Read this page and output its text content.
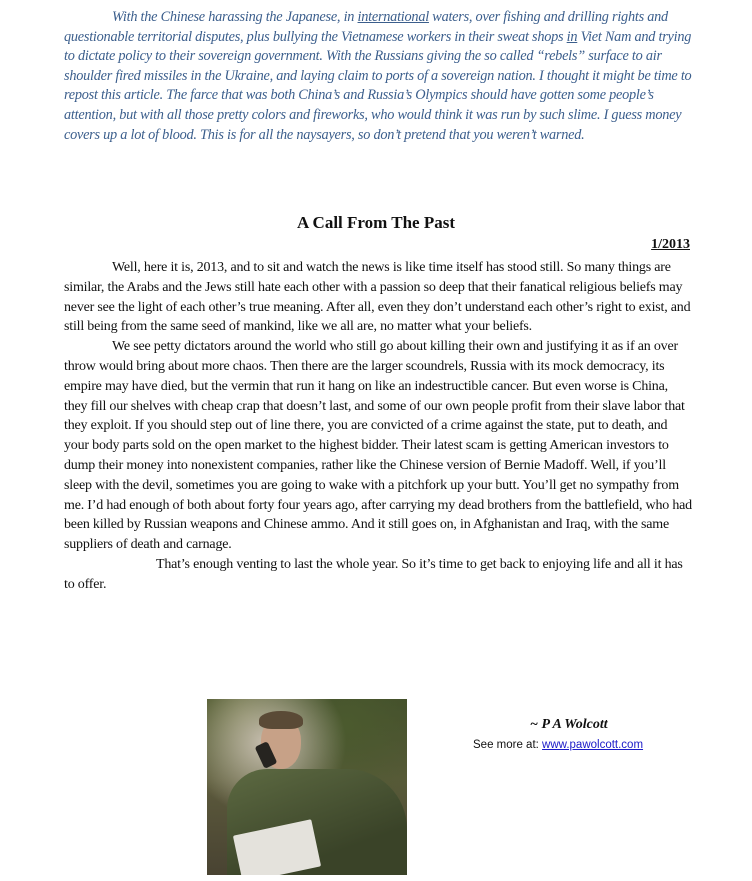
With the Chinese harassing the Japanese, in international waters, over fishing and drilling rights and questionable territorial disputes, plus bullying the Vietnamese workers in their sweat shops in Viet Nam and trying to dictate policy to their sovereign government. With the Russians giving the so called “rebels” surface to air shoulder fired missiles in the Ukraine, and laying claim to ports of a sovereign nation. I thought it might be time to repost this article. The farce that was both China’s and Russia’s Olympics should have gotten some people’s attention, but with all those pretty colors and fireworks, who would think it was run by such slime. I guess money covers up a lot of blood. This is for all the naysayers, so don’t pretend that you weren’t warned.

A Call From The Past
1/2013

Well, here it is, 2013, and to sit and watch the news is like time itself has stood still. So many things are similar, the Arabs and the Jews still hate each other with a passion so deep that their fanatical religious beliefs may never see the light of each other’s true meaning. After all, even they don’t understand each other’s right to exist, and still being from the same seed of mankind, like we all are, no matter what your beliefs.

We see petty dictators around the world who still go about killing their own and justifying it as if an over throw would bring about more chaos. Then there are the larger scoundrels, Russia with its mock democracy, its empire may have died, but the vermin that run it hang on like an indestructible cancer. But even worse is China, they fill our shelves with cheap crap that doesn’t last, and some of our own people profit from their slave labor that they exploit. If you should step out of line there, you are convicted of a crime against the state, put to death, and your body parts sold on the open market to the highest bidder. Their latest scam is getting American investors to dump their money into nonexistent companies, rather like the Chinese version of Bernie Madoff. Well, if you’ll sleep with the devil, sometimes you are going to wake with a pitchfork up your butt. You’ll get no sympathy from me. I’d had enough of both about forty four years ago, after carrying my dead brothers from the battlefield, who had been killed by Russian weapons and Chinese ammo. And it still goes on, in Afghanistan and Iraq, with the same suppliers of death and carnage.

That’s enough venting to last the whole year. So it’s time to get back to enjoying life and all it has to offer.

~ P A Wolcott
See more at: www.pawolcott.com
